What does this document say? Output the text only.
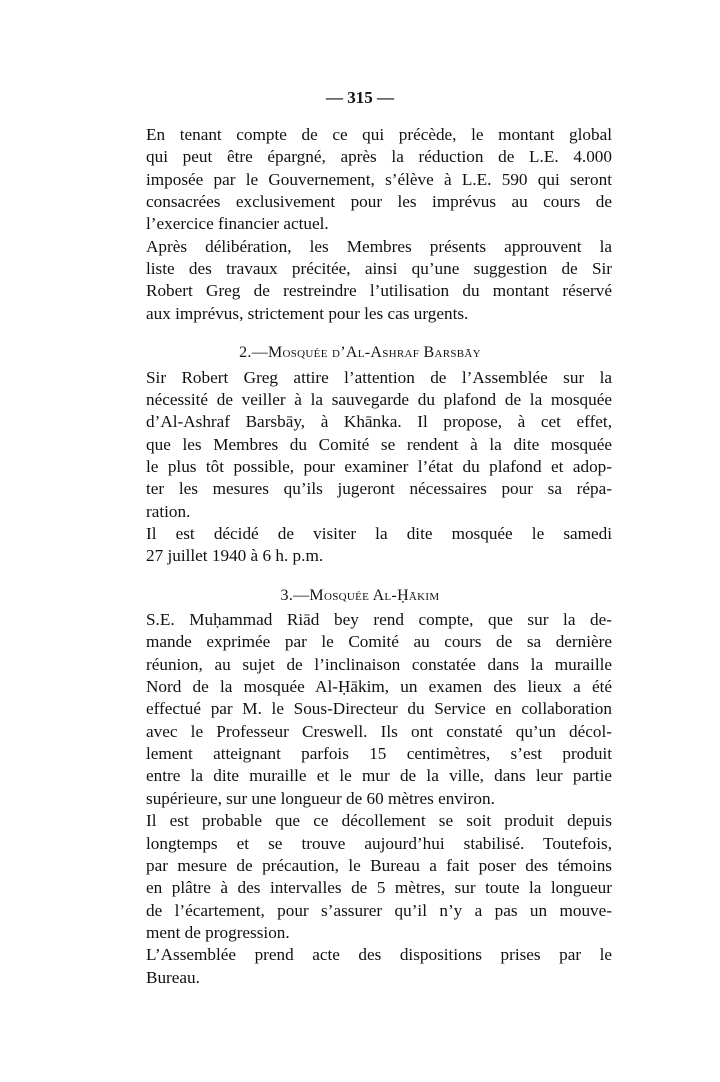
— 315 —
En tenant compte de ce qui précède, le montant global
qui peut être épargné, après la réduction de L.E. 4.000
imposée par le Gouvernement, s’élève à L.E. 590 qui seront
consacrées exclusivement pour les imprévus au cours de
l’exercice financier actuel.
Après délibération, les Membres présents approuvent la
liste des travaux précitée, ainsi qu’une suggestion de Sir
Robert Greg de restreindre l’utilisation du montant réservé
aux imprévus, strictement pour les cas urgents.
2.—Mosquée d’Al-Ashraf Barsbāy
Sir Robert Greg attire l’attention de l’Assemblée sur la
nécessité de veiller à la sauvegarde du plafond de la mosquée
d’Al-Ashraf Barsbāy, à Khānka. Il propose, à cet effet,
que les Membres du Comité se rendent à la dite mosquée
le plus tôt possible, pour examiner l’état du plafond et adop-
ter les mesures qu’ils jugeront nécessaires pour sa répa-
ration.
Il est décidé de visiter la dite mosquée le samedi
27 juillet 1940 à 6 h. p.m.
3.—Mosquée Al-Ḥākim
S.E. Muḥammad Riād bey rend compte, que sur la de-
mande exprimée par le Comité au cours de sa dernière
réunion, au sujet de l’inclinaison constatée dans la muraille
Nord de la mosquée Al-Ḥākim, un examen des lieux a été
effectué par M. le Sous-Directeur du Service en collaboration
avec le Professeur Creswell. Ils ont constaté qu’un décol-
lement atteignant parfois 15 centimètres, s’est produit
entre la dite muraille et le mur de la ville, dans leur partie
supérieure, sur une longueur de 60 mètres environ.
Il est probable que ce décollement se soit produit depuis
longtemps et se trouve aujourd’hui stabilisé. Toutefois,
par mesure de précaution, le Bureau a fait poser des témoins
en plâtre à des intervalles de 5 mètres, sur toute la longueur
de l’écartement, pour s’assurer qu’il n’y a pas un mouve-
ment de progression.
L’Assemblée prend acte des dispositions prises par le
Bureau.
